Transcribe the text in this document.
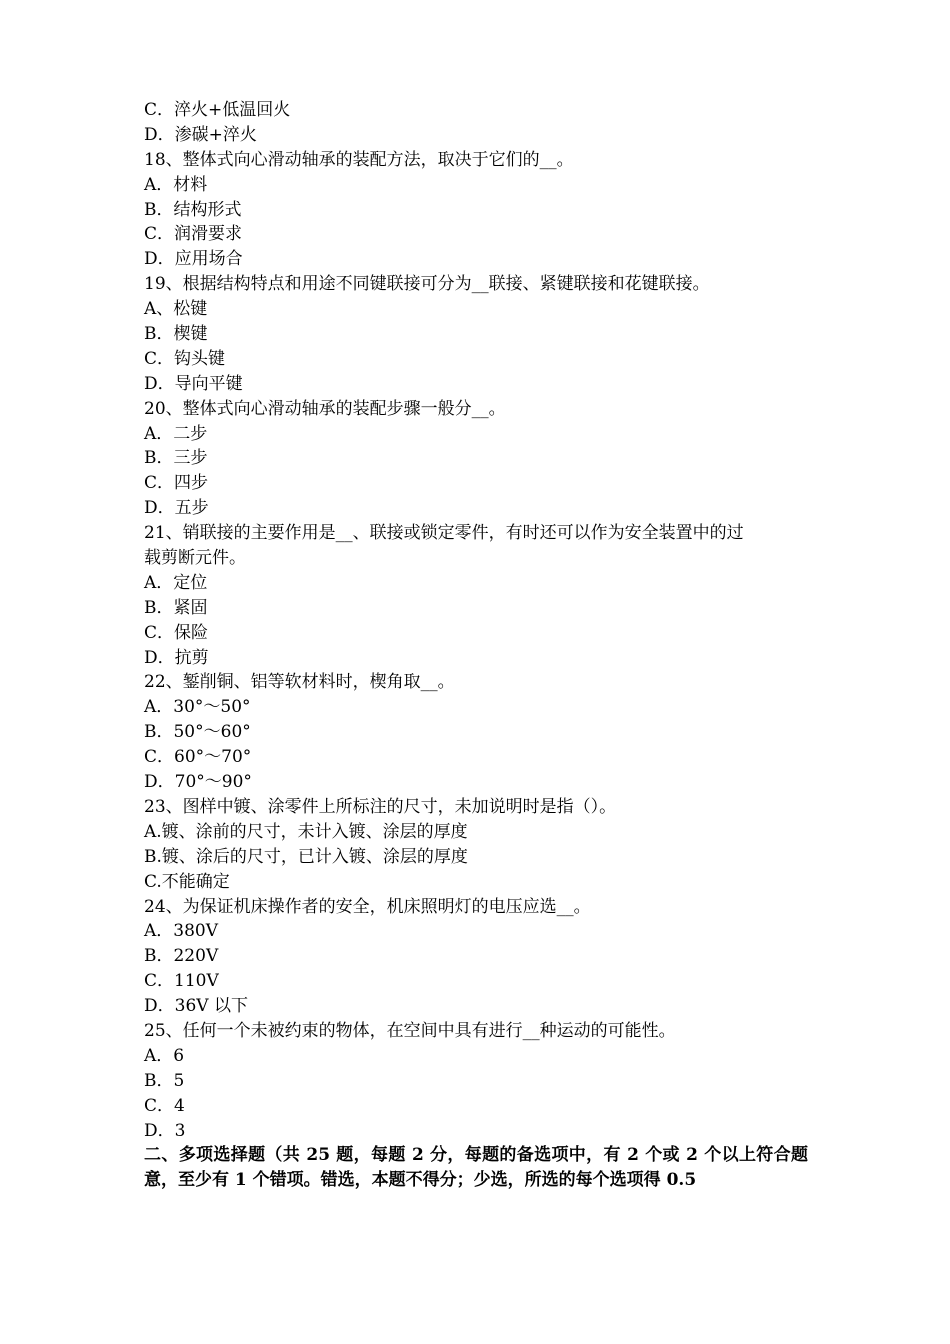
C．淬火+低温回火
D．渗碳+淬火
18、整体式向心滑动轴承的装配方法，取决于它们的__。
A．材料
B．结构形式
C．润滑要求
D．应用场合
19、根据结构特点和用途不同键联接可分为__联接、紧键联接和花键联接。
A、松键
B．楔键
C．钩头键
D．导向平键
20、整体式向心滑动轴承的装配步骤一般分__。
A．二步
B．三步
C．四步
D．五步
21、销联接的主要作用是__、联接或锁定零件，有时还可以作为安全装置中的过
载剪断元件。
A．定位
B．紧固
C．保险
D．抗剪
22、錾削铜、铝等软材料时，楔角取__。
A．30°～50°
B．50°～60°
C．60°～70°
D．70°～90°
23、图样中镀、涂零件上所标注的尺寸，未加说明时是指（）。
A.镀、涂前的尺寸，未计入镀、涂层的厚度
B.镀、涂后的尺寸，已计入镀、涂层的厚度
C.不能确定
24、为保证机床操作者的安全，机床照明灯的电压应选__。
A．380V
B．220V
C．110V
D．36V 以下
25、任何一个未被约束的物体，在空间中具有进行__种运动的可能性。
A．6
B．5
C．4
D．3
二、多项选择题（共 25 题，每题 2 分，每题的备选项中，有 2 个或 2 个以上符合题意，至少有 1 个错项。错选，本题不得分；少选，所选的每个选项得 0.5
